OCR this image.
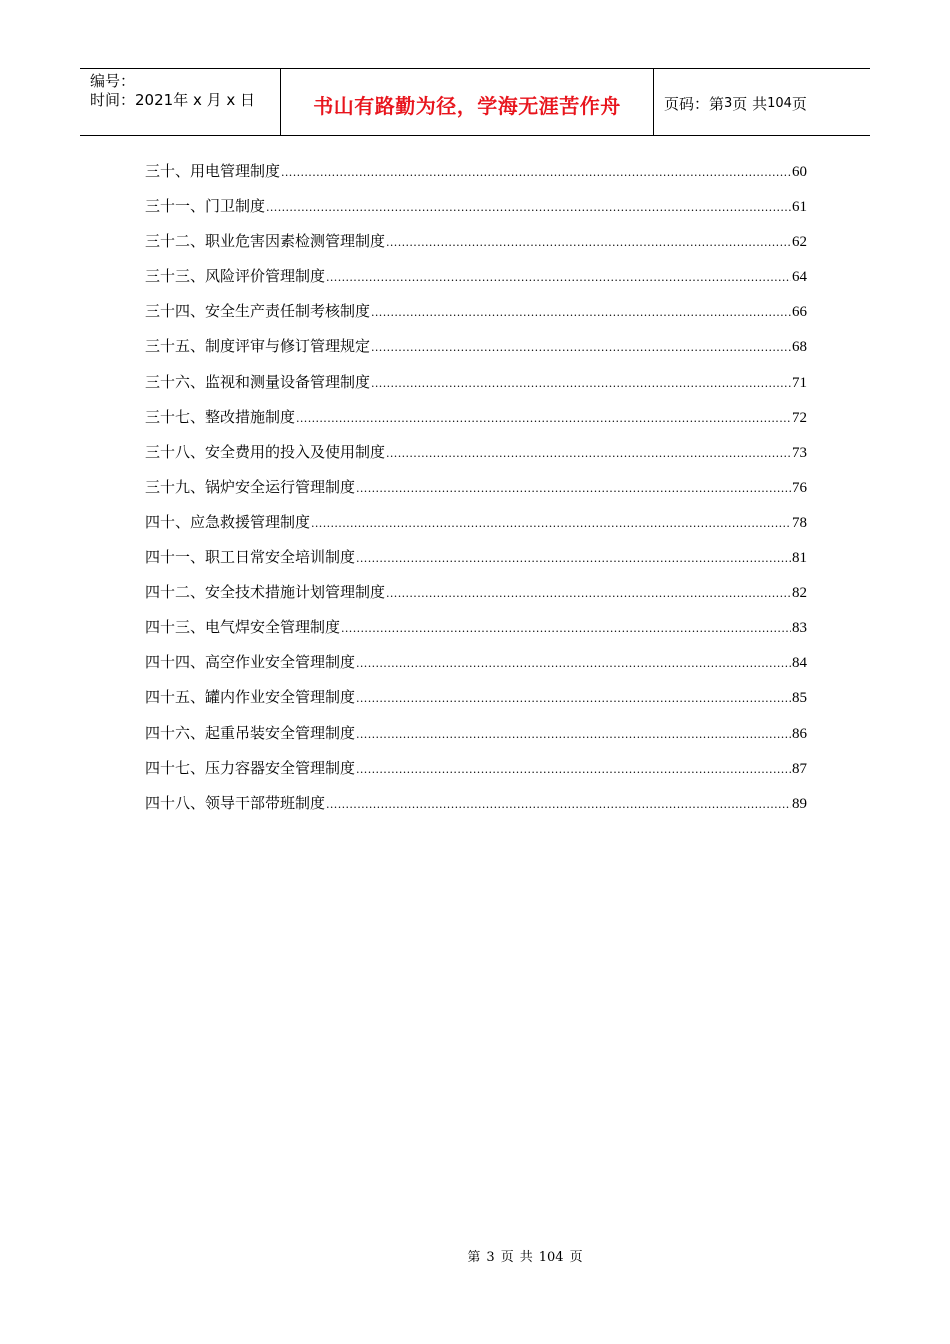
编号：
时间：2021年 x 月 x 日	书山有路勤为径，学海无涯苦作舟	页码：第 3 页 共 104 页
三十、用电管理制度 .....	60
三十一、门卫制度 .....	61
三十二、职业危害因素检测管理制度 .....	62
三十三、风险评价管理制度 .....	64
三十四、安全生产责任制考核制度 .....	66
三十五、制度评审与修订管理规定 .....	68
三十六、监视和测量设备管理制度 .....	71
三十七、整改措施制度 .....	72
三十八、安全费用的投入及使用制度 .....	73
三十九、锅炉安全运行管理制度 .....	76
四十、应急救援管理制度 .....	78
四十一、职工日常安全培训制度 .....	81
四十二、安全技术措施计划管理制度 .....	82
四十三、电气焊安全管理制度 .....	83
四十四、高空作业安全管理制度 .....	84
四十五、罐内作业安全管理制度 .....	85
四十六、起重吊装安全管理制度 .....	86
四十七、压力容器安全管理制度 .....	87
四十八、领导干部带班制度 .....	89
第 3 页 共 104 页
